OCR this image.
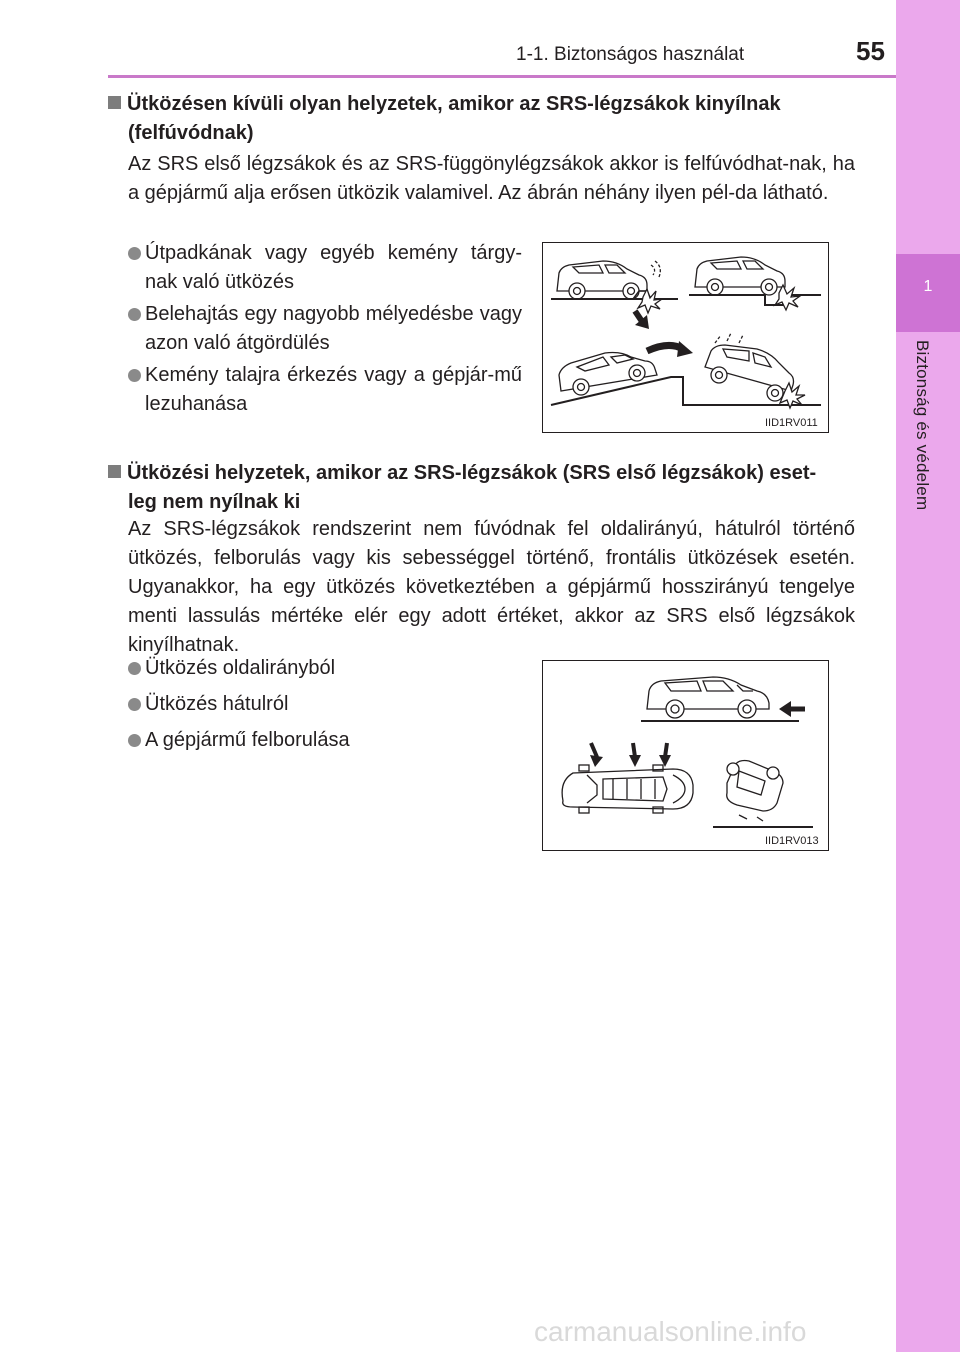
1-1. Biztonságos használat	55
1
Biztonság és védelem
Ütközésen kívüli olyan helyzetek, amikor az SRS-légzsákok kinyílnak
(felfúvódnak)
Az SRS első légzsákok és az SRS-függönylégzsákok akkor is felfúvódhat-nak, ha a gépjármű alja erősen ütközik valamivel. Az ábrán néhány ilyen pél-da látható.
Útpadkának vagy egyéb kemény tárgy-nak való ütközés
Belehajtás egy nagyobb mélyedésbe vagy azon való átgördülés
Kemény talajra érkezés vagy a gépjár-mű lezuhanása
IID1RV011
Ütközési helyzetek, amikor az SRS-légzsákok (SRS első légzsákok) eset-
leg nem nyílnak ki
Az SRS-légzsákok rendszerint nem fúvódnak fel oldalirányú, hátulról történő ütközés, felborulás vagy kis sebességgel történő, frontális ütközések esetén. Ugyanakkor, ha egy ütközés következtében a gépjármű hosszirányú tengelye menti lassulás mértéke elér egy adott értéket, akkor az SRS első légzsákok kinyílhatnak.
Ütközés oldalirányból
Ütközés hátulról
A gépjármű felborulása
IID1RV013
carmanualsonline.info
